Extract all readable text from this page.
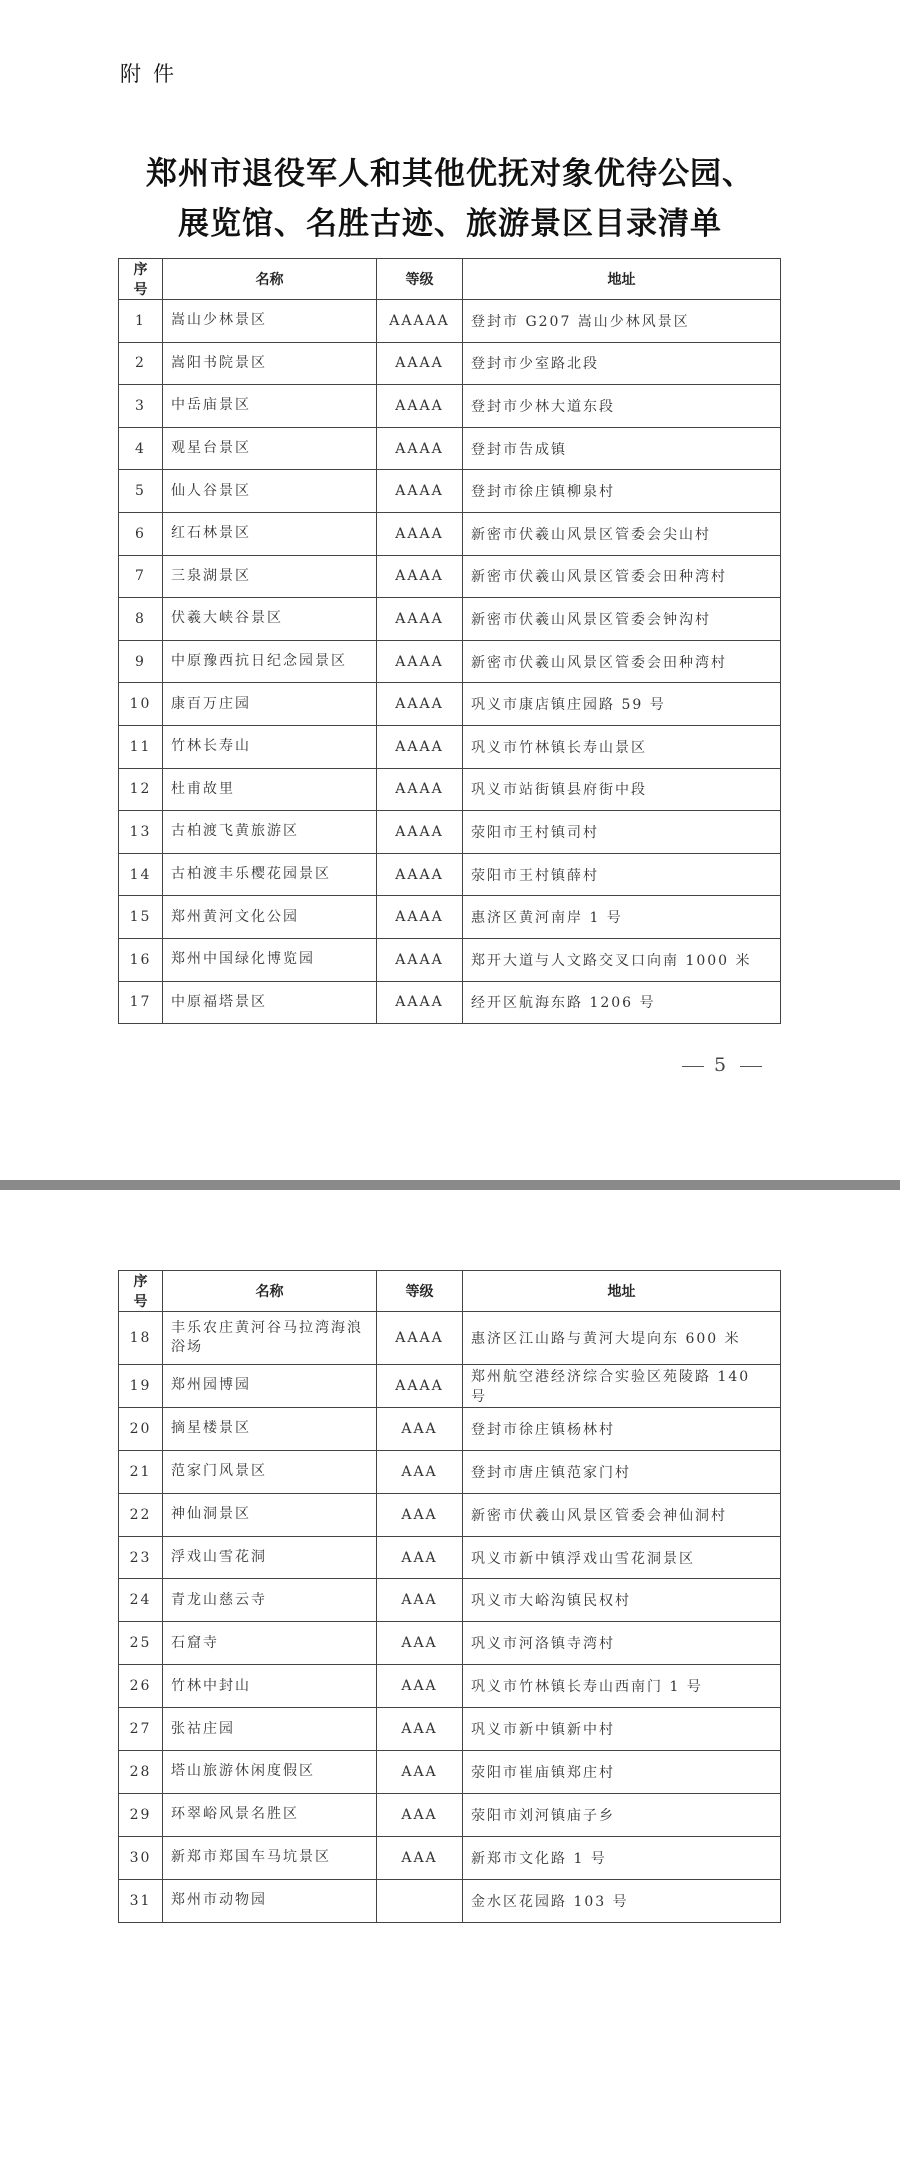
附件
郑州市退役军人和其他优抚对象优待公园、
展览馆、名胜古迹、旅游景区目录清单
序号	名称	等级	地址
1	嵩山少林景区	AAAAA	登封市 G207 嵩山少林风景区
2	嵩阳书院景区	AAAA	登封市少室路北段
3	中岳庙景区	AAAA	登封市少林大道东段
4	观星台景区	AAAA	登封市告成镇
5	仙人谷景区	AAAA	登封市徐庄镇柳泉村
6	红石林景区	AAAA	新密市伏羲山风景区管委会尖山村
7	三泉湖景区	AAAA	新密市伏羲山风景区管委会田种湾村
8	伏羲大峡谷景区	AAAA	新密市伏羲山风景区管委会钟沟村
9	中原豫西抗日纪念园景区	AAAA	新密市伏羲山风景区管委会田种湾村
10	康百万庄园	AAAA	巩义市康店镇庄园路 59 号
11	竹林长寿山	AAAA	巩义市竹林镇长寿山景区
12	杜甫故里	AAAA	巩义市站街镇县府街中段
13	古柏渡飞黄旅游区	AAAA	荥阳市王村镇司村
14	古柏渡丰乐樱花园景区	AAAA	荥阳市王村镇薛村
15	郑州黄河文化公园	AAAA	惠济区黄河南岸 1 号
16	郑州中国绿化博览园	AAAA	郑开大道与人文路交叉口向南 1000 米
17	中原福塔景区	AAAA	经开区航海东路 1206 号
5
序号	名称	等级	地址
18	丰乐农庄黄河谷马拉湾海浪浴场	AAAA	惠济区江山路与黄河大堤向东 600 米
19	郑州园博园	AAAA	郑州航空港经济综合实验区苑陵路 140 号
20	摘星楼景区	AAA	登封市徐庄镇杨林村
21	范家门风景区	AAA	登封市唐庄镇范家门村
22	神仙洞景区	AAA	新密市伏羲山风景区管委会神仙洞村
23	浮戏山雪花洞	AAA	巩义市新中镇浮戏山雪花洞景区
24	青龙山慈云寺	AAA	巩义市大峪沟镇民权村
25	石窟寺	AAA	巩义市河洛镇寺湾村
26	竹林中封山	AAA	巩义市竹林镇长寿山西南门 1 号
27	张祜庄园	AAA	巩义市新中镇新中村
28	塔山旅游休闲度假区	AAA	荥阳市崔庙镇郑庄村
29	环翠峪风景名胜区	AAA	荥阳市刘河镇庙子乡
30	新郑市郑国车马坑景区	AAA	新郑市文化路 1 号
31	郑州市动物园		金水区花园路 103 号
